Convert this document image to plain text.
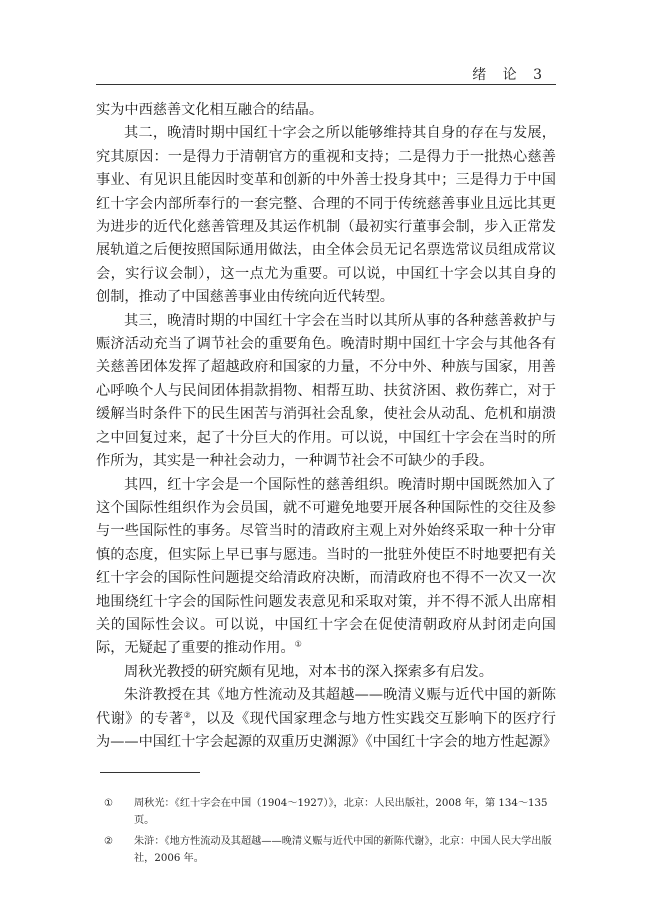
绪 论 3

实为中西慈善文化相互融合的结晶。

其二，晚清时期中国红十字会之所以能够维持其自身的存在与发展，究其原因：一是得力于清朝官方的重视和支持；二是得力于一批热心慈善事业、有见识且能因时变革和创新的中外善士投身其中；三是得力于中国红十字会内部所奉行的一套完整、合理的不同于传统慈善事业且远比其更为进步的近代化慈善管理及其运作机制（最初实行董事会制，步入正常发展轨道之后便按照国际通用做法，由全体会员无记名票选常议员组成常议会，实行议会制），这一点尤为重要。可以说，中国红十字会以其自身的创制，推动了中国慈善事业由传统向近代转型。

其三，晚清时期的中国红十字会在当时以其所从事的各种慈善救护与赈济活动充当了调节社会的重要角色。晚清时期中国红十字会与其他各有关慈善团体发挥了超越政府和国家的力量，不分中外、种族与国家，用善心呼唤个人与民间团体捐款捐物、相帮互助、扶贫济困、救伤葬亡，对于缓解当时条件下的民生困苦与消弭社会乱象，使社会从动乱、危机和崩溃之中回复过来，起了十分巨大的作用。可以说，中国红十字会在当时的所作所为，其实是一种社会动力，一种调节社会不可缺少的手段。

其四，红十字会是一个国际性的慈善组织。晚清时期中国既然加入了这个国际性组织作为会员国，就不可避免地要开展各种国际性的交往及参与一些国际性的事务。尽管当时的清政府主观上对外始终采取一种十分审慎的态度，但实际上早已事与愿违。当时的一批驻外使臣不时地要把有关红十字会的国际性问题提交给清政府决断，而清政府也不得不一次又一次地围绕红十字会的国际性问题发表意见和采取对策，并不得不派人出席相关的国际性会议。可以说，中国红十字会在促使清朝政府从封闭走向国际，无疑起了重要的推动作用。①

周秋光教授的研究颇有见地，对本书的深入探索多有启发。

朱浒教授在其《地方性流动及其超越——晚清义赈与近代中国的新陈代谢》的专著②，以及《现代国家理念与地方性实践交互影响下的医疗行为——中国红十字会起源的双重历史渊源》《中国红十字会的地方性起源》

① 周秋光：《红十字会在中国（1904～1927）》，北京：人民出版社，2008 年，第 134～135 页。
② 朱浒：《地方性流动及其超越——晚清义赈与近代中国的新陈代谢》，北京：中国人民大学出版社，2006 年。
